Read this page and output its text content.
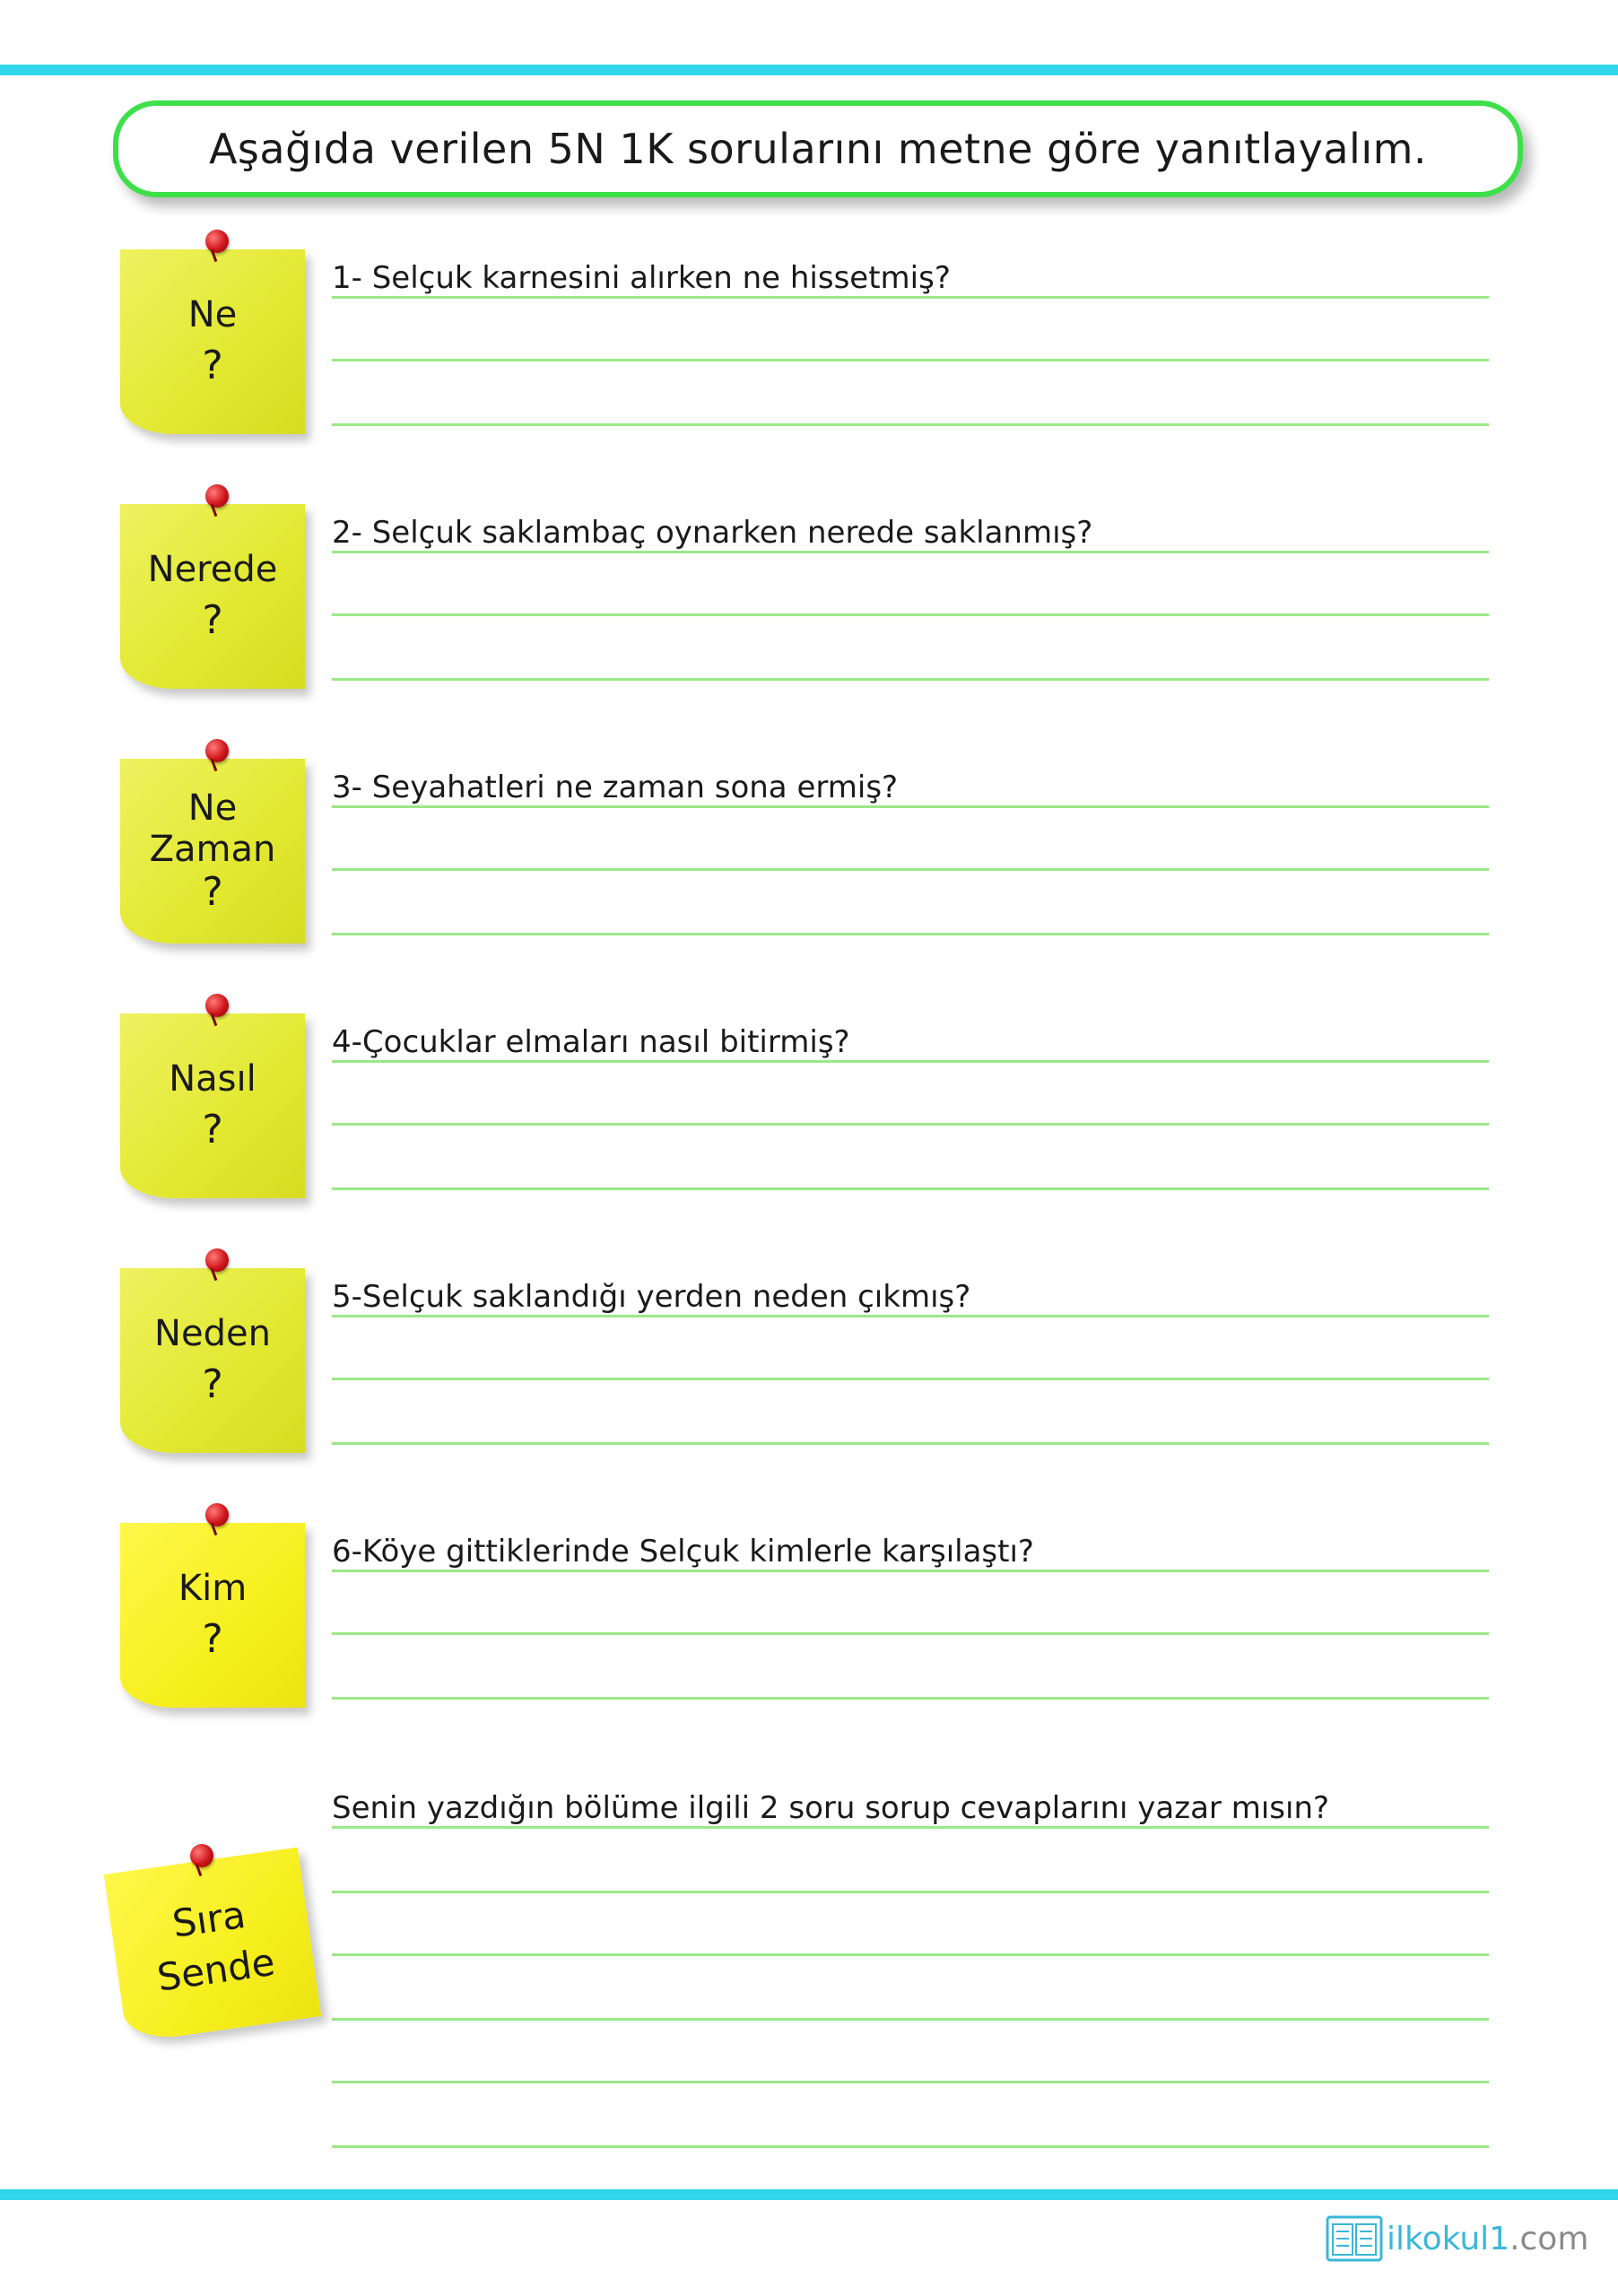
Aşağıda verilen 5N 1K sorularını metne göre yanıtlayalım.
Ne
?
1- Selçuk karnesini alırken ne hissetmiş?
Nerede
?
2- Selçuk saklambaç oynarken nerede saklanmış?
Ne
Zaman
?
3- Seyahatleri ne zaman sona ermiş?
Nasıl
?
4-Çocuklar elmaları nasıl bitirmiş?
Neden
?
5-Selçuk saklandığı yerden neden çıkmış?
Kim
?
6-Köye gittiklerinde Selçuk kimlerle karşılaştı?
Senin yazdığın bölüme ilgili 2 soru sorup cevaplarını yazar mısın?
Sıra
Sende
ilkokul1.com
